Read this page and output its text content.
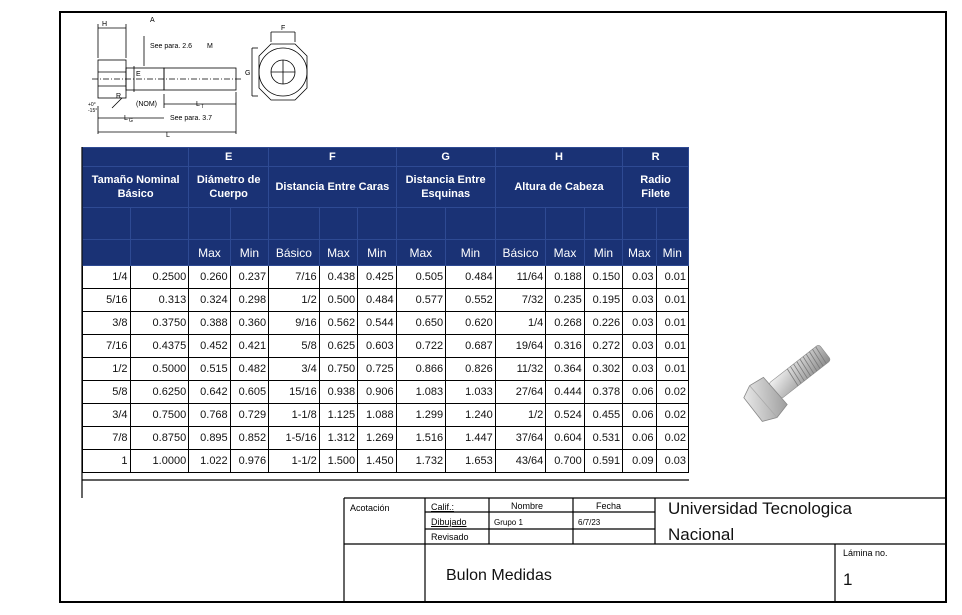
H
A
See para. 2.6 M
E
R
(NOM)	L T
L G	See para. 3.7
L
F
G
+0°
-15°
		E		F			G		H			R	
Tamaño Nominal Básico		Diámetro de Cuerpo		Distancia Entre Caras			Distancia Entre Esquinas		Altura de Cabeza			Radio Filete	

		Max	Min	Básico	Max	Min	Max	Min	Básico	Max	Min	Max	Min
1/4	0.2500	0.260	0.237	7/16	0.438	0.425	0.505	0.484	11/64	0.188	0.150	0.03	0.01
5/16	0.313	0.324	0.298	1/2	0.500	0.484	0.577	0.552	7/32	0.235	0.195	0.03	0.01
3/8	0.3750	0.388	0.360	9/16	0.562	0.544	0.650	0.620	1/4	0.268	0.226	0.03	0.01
7/16	0.4375	0.452	0.421	5/8	0.625	0.603	0.722	0.687	19/64	0.316	0.272	0.03	0.01
1/2	0.5000	0.515	0.482	3/4	0.750	0.725	0.866	0.826	11/32	0.364	0.302	0.03	0.01
5/8	0.6250	0.642	0.605	15/16	0.938	0.906	1.083	1.033	27/64	0.444	0.378	0.06	0.02
3/4	0.7500	0.768	0.729	1-1/8	1.125	1.088	1.299	1.240	1/2	0.524	0.455	0.06	0.02
7/8	0.8750	0.895	0.852	1-5/16	1.312	1.269	1.516	1.447	37/64	0.604	0.531	0.06	0.02
1	1.0000	1.022	0.976	1-1/2	1.500	1.450	1.732	1.653	43/64	0.700	0.591	0.09	0.03
Acotación	Calif.:	Nombre	Fecha
Dibujado	Grupo 1	6/7/23
Revisado
Universidad Tecnologica
Nacional
Lámina no.
1
Bulon Medidas
